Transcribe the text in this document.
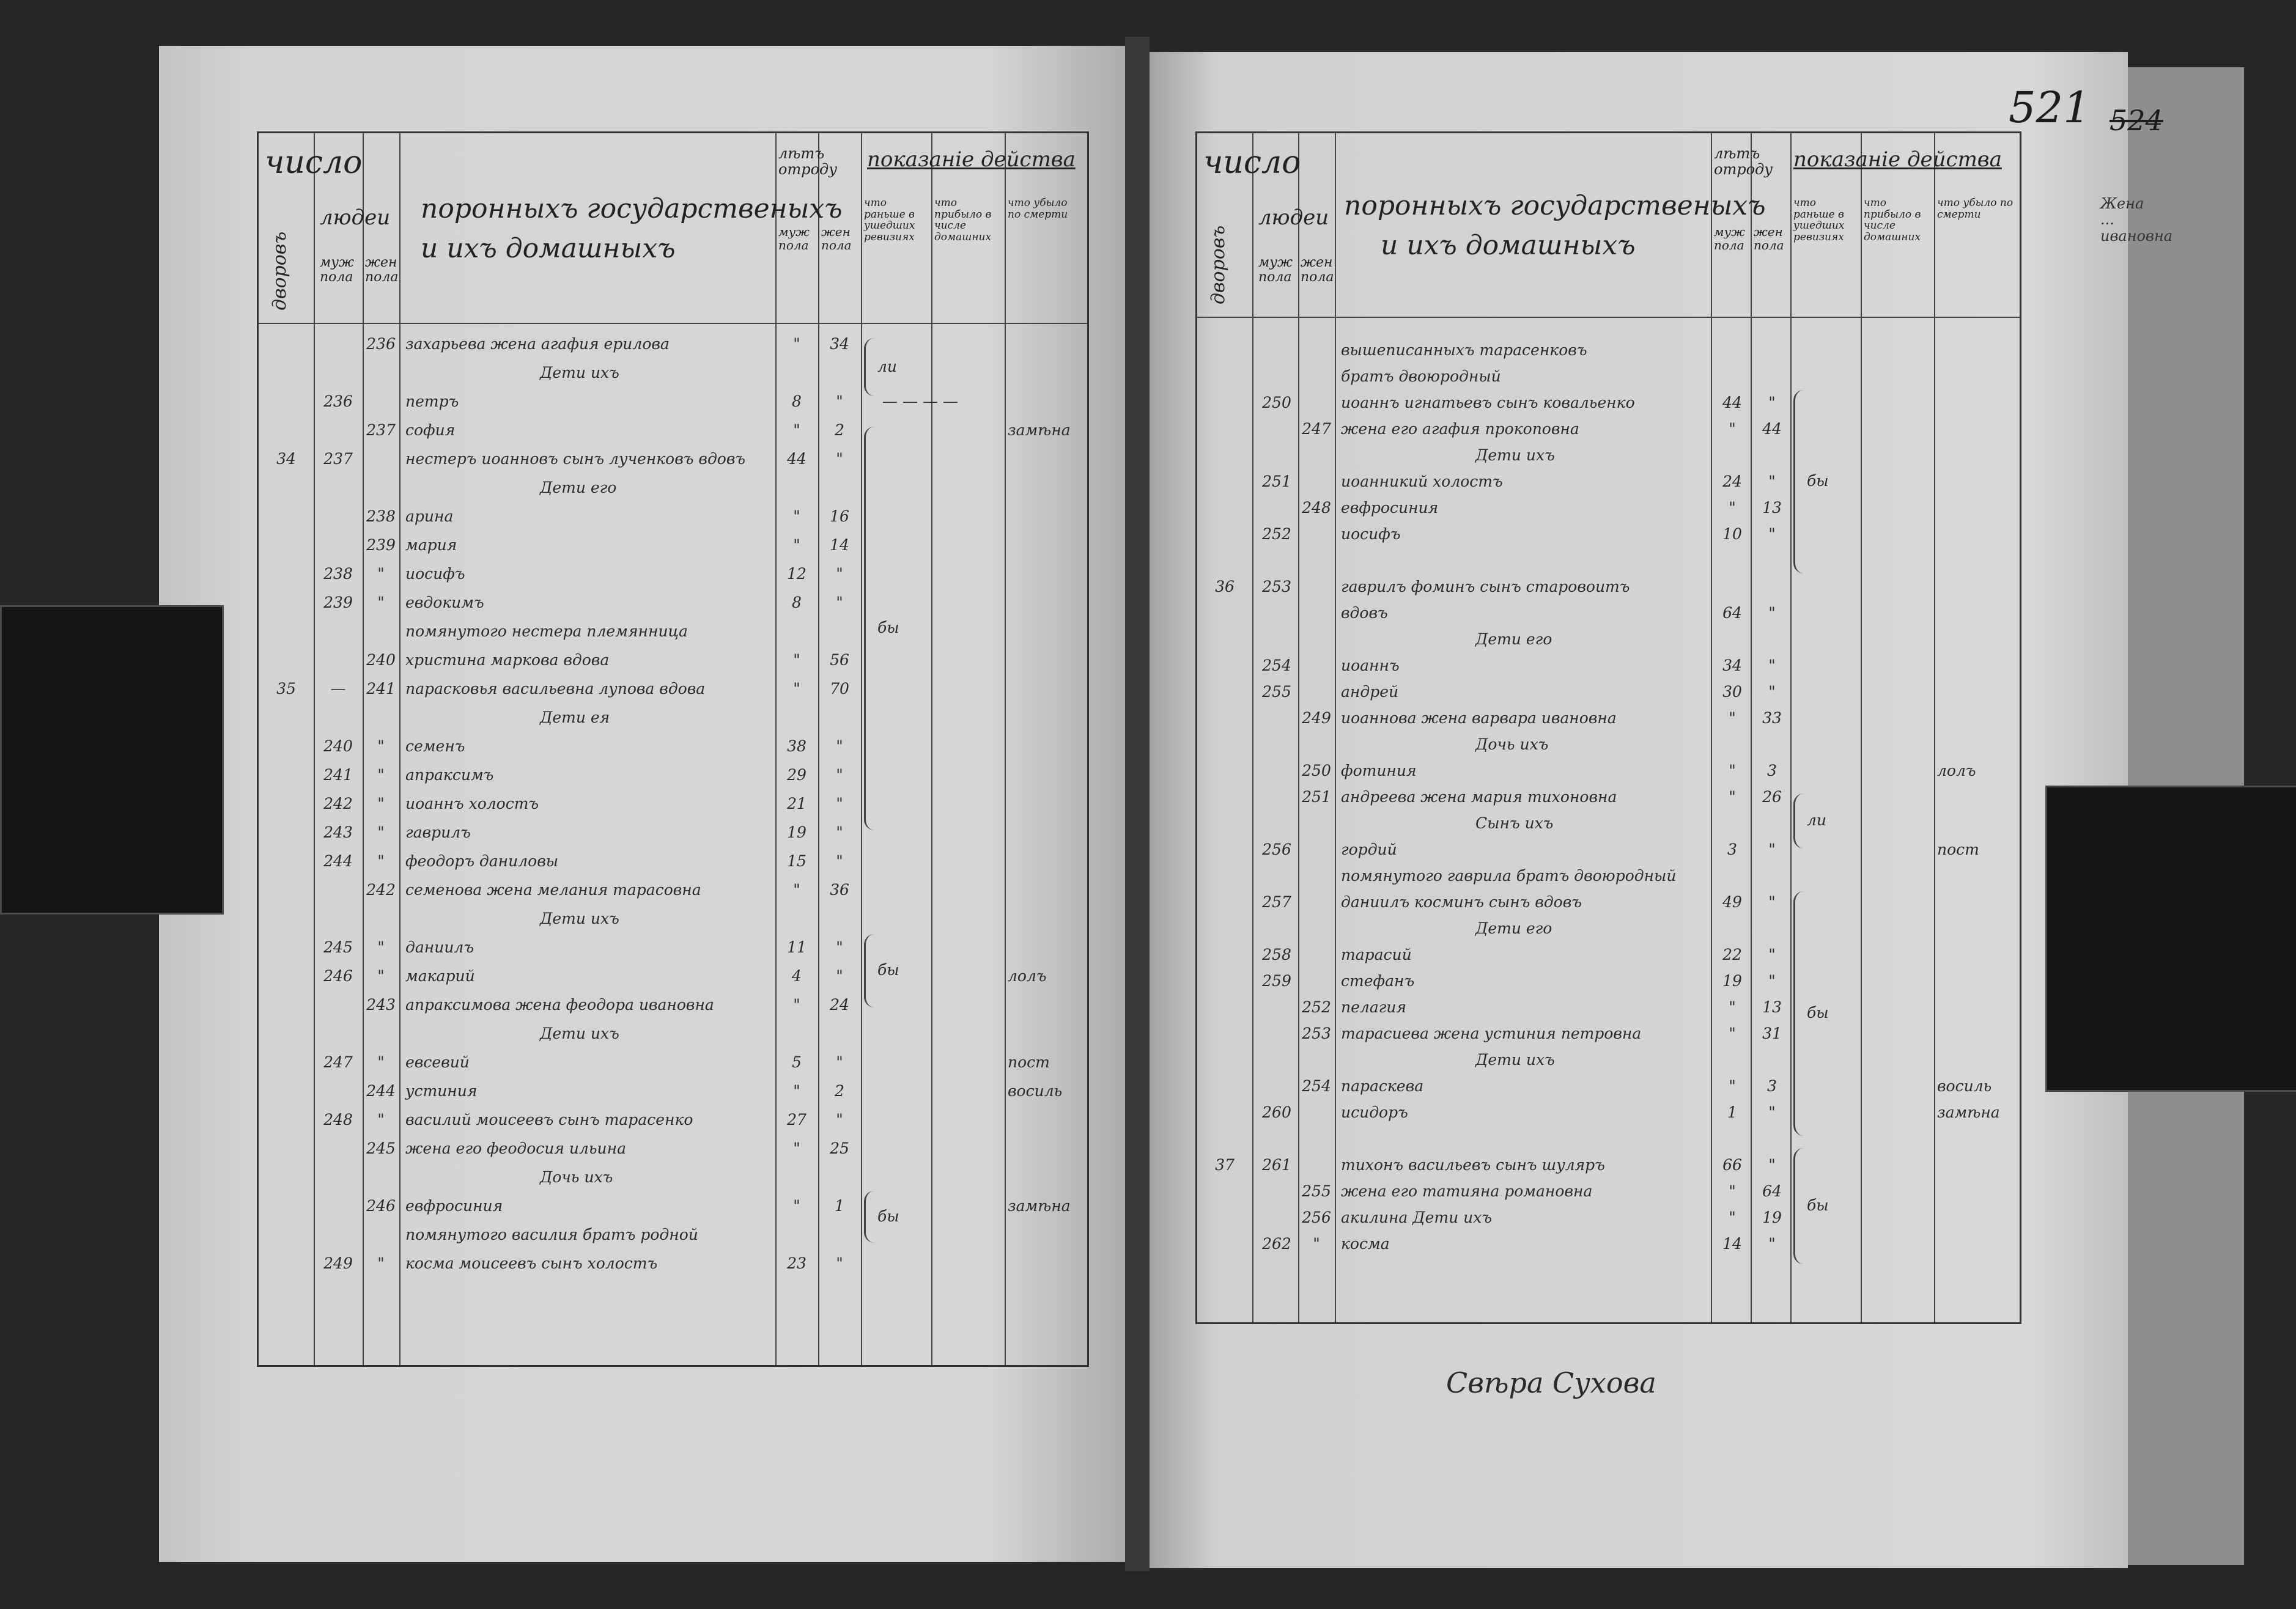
521 524
число
дворовъ
людеи
муж пола
жен пола
поронныхъ государственыхъ
и ихъ домашныхъ
лѣтъ отроду
муж пола
жен пола
показанiе действа
что раньше в ушедших ревизиях
что прибыло в числе домашних
что убыло по смерти
236 захарьева жена агафия ерилова	"	34
Дети ихъ
236	петръ	8	"	— — — —
237 софия	"	2	замѣна
34	237	нестеръ иоанновъ сынъ лученковъ вдовъ	44	"
Дети его
238 арина	"	16
239 мария	"	14
238	"	иосифъ	12	"
239	"	евдокимъ	8	"
помянутого нестера племянница
240 христина маркова вдова	"	56
35	—	241 парасковья васильевна лупова вдова	"	70
Дети ея
240	"	семенъ	38	"
241	"	апраксимъ	29	"
242	"	иоаннъ холостъ	21	"
243	"	гаврилъ	19	"
244	"	феодоръ даниловы	15	"
242 семенова жена мелания тарасовна	"	36
Дети ихъ
245	"	даниилъ	11	"
246	"	макарий	4	"	лолъ
243 апраксимова жена феодора ивановна	"	24
Дети ихъ
247	"	евсевий	5	"	пост
244 устиния	"	2	восиль
248	"	василий моисеевъ сынъ тарасенко	27	"
245 жена его феодосия ильина	"	25
Дочь ихъ
246 евфросиния	"	1	замѣна
помянутого василия братъ родной
249	"	косма моисеевъ сынъ холостъ	23	"
ли
бы
бы
бы
число
дворовъ
людеи
муж пола
жен пола
поронныхъ государственыхъ
и ихъ домашныхъ
лѣтъ отроду
муж пола
жен пола
показанiе действа
что раньше в ушедших ревизиях
что прибыло в числе домашних
что убыло по смерти
вышеписанныхъ тарасенковъ
братъ двоюродный
250	иоаннъ игнатьевъ сынъ ковальенко	44	"
247 жена его агафия прокоповна	"	44
Дети ихъ
251	иоанникий холостъ	24	"
248 евфросиния	"	13
252	иосифъ	10	"
36	253	гаврилъ фоминъ сынъ старовоитъ
вдовъ	64	"
Дети его
254	иоаннъ	34	"
255	андрей	30	"
249 иоаннова жена варвара ивановна	"	33
Дочь ихъ
250 фотиния	"	3	лолъ
251 андреева жена мария тихоновна	"	26
Сынъ ихъ
256	гордий	3	"	пост
помянутого гаврила братъ двоюродный
257	даниилъ косминъ сынъ вдовъ	49	"
Дети его
258	тарасий	22	"
259	стефанъ	19	"
252 пелагия	"	13
253 тарасиева жена устиния петровна	"	31
Дети ихъ
254 параскева	"	3	восиль
260	исидоръ	1	"	замѣна
37	261	тихонъ васильевъ сынъ шуляръ	66	"
255 жена его татияна романовна	"	64
256 акилина Дети ихъ	"	19
262	"	косма	14	"
бы
ли
бы
бы
Свѣра Сухова
Жена ... ивановна
